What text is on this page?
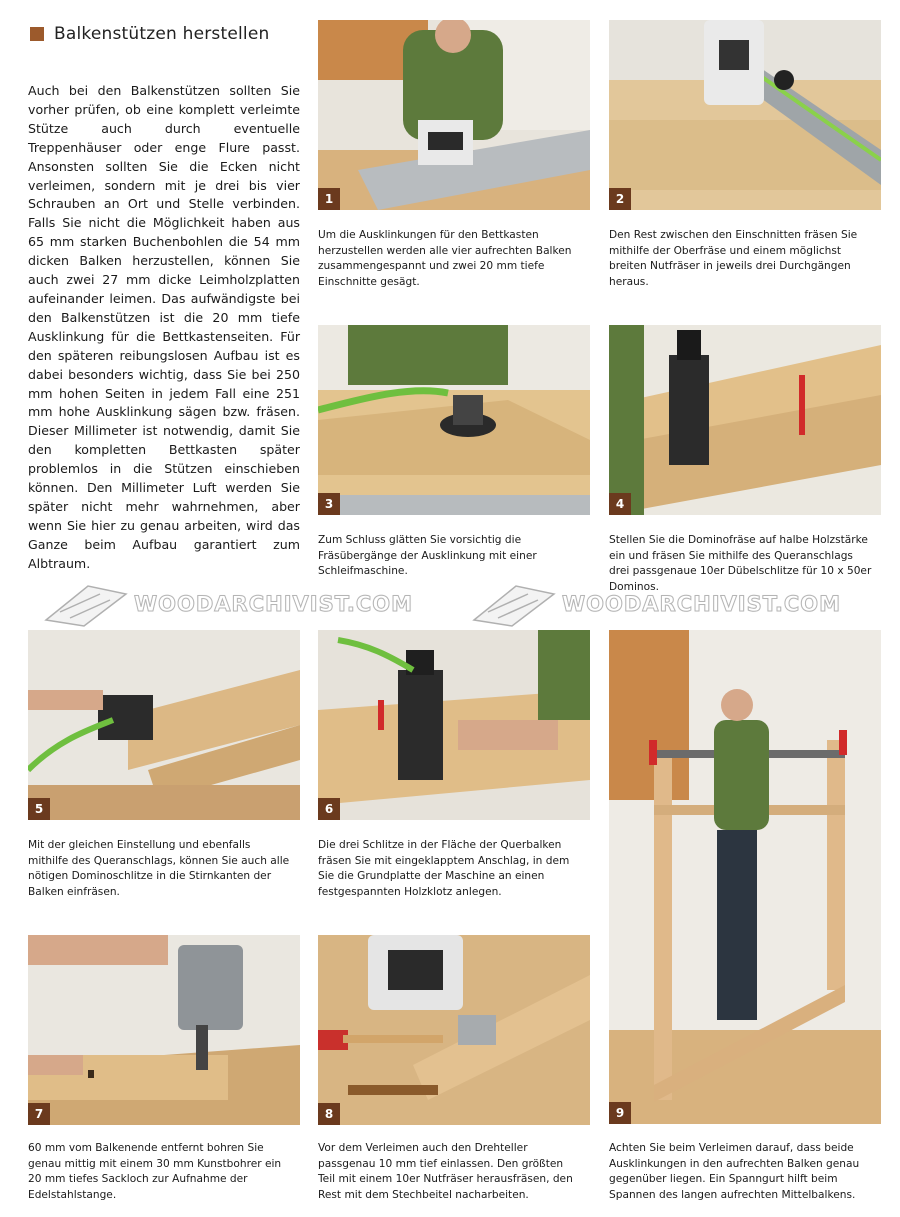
Balkenstützen herstellen

Auch bei den Balkenstützen sollten Sie vorher prüfen, ob eine komplett verleimte Stütze auch durch eventuelle Treppenhäuser oder enge Flure passt. Ansonsten sollten Sie die Ecken nicht verleimen, sondern mit je drei bis vier Schrauben an Ort und Stelle verbinden. Falls Sie nicht die Möglichkeit haben aus 65 mm starken Buchenbohlen die 54 mm dicken Balken herzustellen, können Sie auch zwei 27 mm dicke Leimholzplatten aufeinander leimen. Das aufwändigste bei den Balkenstützen ist die 20 mm tiefe Ausklinkung für die Bettkastenseiten. Für den späteren reibungslosen Aufbau ist es dabei besonders wichtig, dass Sie bei 250 mm hohen Seiten in jedem Fall eine 251 mm hohe Ausklinkung sägen bzw. fräsen. Dieser Millimeter ist notwendig, damit Sie den kompletten Bettkasten später problemlos in die Stützen einschieben können. Den Millimeter Luft werden Sie später nicht mehr wahrnehmen, aber wenn Sie hier zu genau arbeiten, wird das Ganze beim Aufbau garantiert zum Albtraum.

1
Um die Ausklinkungen für den Bettkasten herzustellen werden alle vier aufrechten Balken zusammengespannt und zwei 20 mm tiefe Einschnitte gesägt.
2
Den Rest zwischen den Einschnitten fräsen Sie mithilfe der Oberfräse und einem möglichst breiten Nutfräser in jeweils drei Durchgängen heraus.
3
Zum Schluss glätten Sie vorsichtig die Fräsübergänge der Ausklinkung mit einer Schleifmaschine.
4
Stellen Sie die Dominofräse auf halbe Holzstärke ein und fräsen Sie mithilfe des Queranschlags drei passgenaue 10er Dübelschlitze für 10 x 50er Dominos.
WOODARCHIVIST.COM	WOODARCHIVIST.COM
5
Mit der gleichen Einstellung und ebenfalls mithilfe des Queranschlags, können Sie auch alle nötigen Dominoschlitze in die Stirnkanten der Balken einfräsen.
6
Die drei Schlitze in der Fläche der Querbalken fräsen Sie mit eingeklapptem Anschlag, in dem Sie die Grundplatte der Maschine an einen festgespannten Holzklotz anlegen.
9
Achten Sie beim Verleimen darauf, dass beide Ausklinkungen in den aufrechten Balken genau gegenüber liegen. Ein Spanngurt hilft beim Spannen des langen aufrechten Mittelbalkens.
7
60 mm vom Balkenende entfernt bohren Sie genau mittig mit einem 30 mm Kunstbohrer ein 20 mm tiefes Sackloch zur Aufnahme der Edelstahlstange.
8
Vor dem Verleimen auch den Drehteller passgenau 10 mm tief einlassen. Den größten Teil mit einem 10er Nutfräser herausfräsen, den Rest mit dem Stechbeitel nacharbeiten.
